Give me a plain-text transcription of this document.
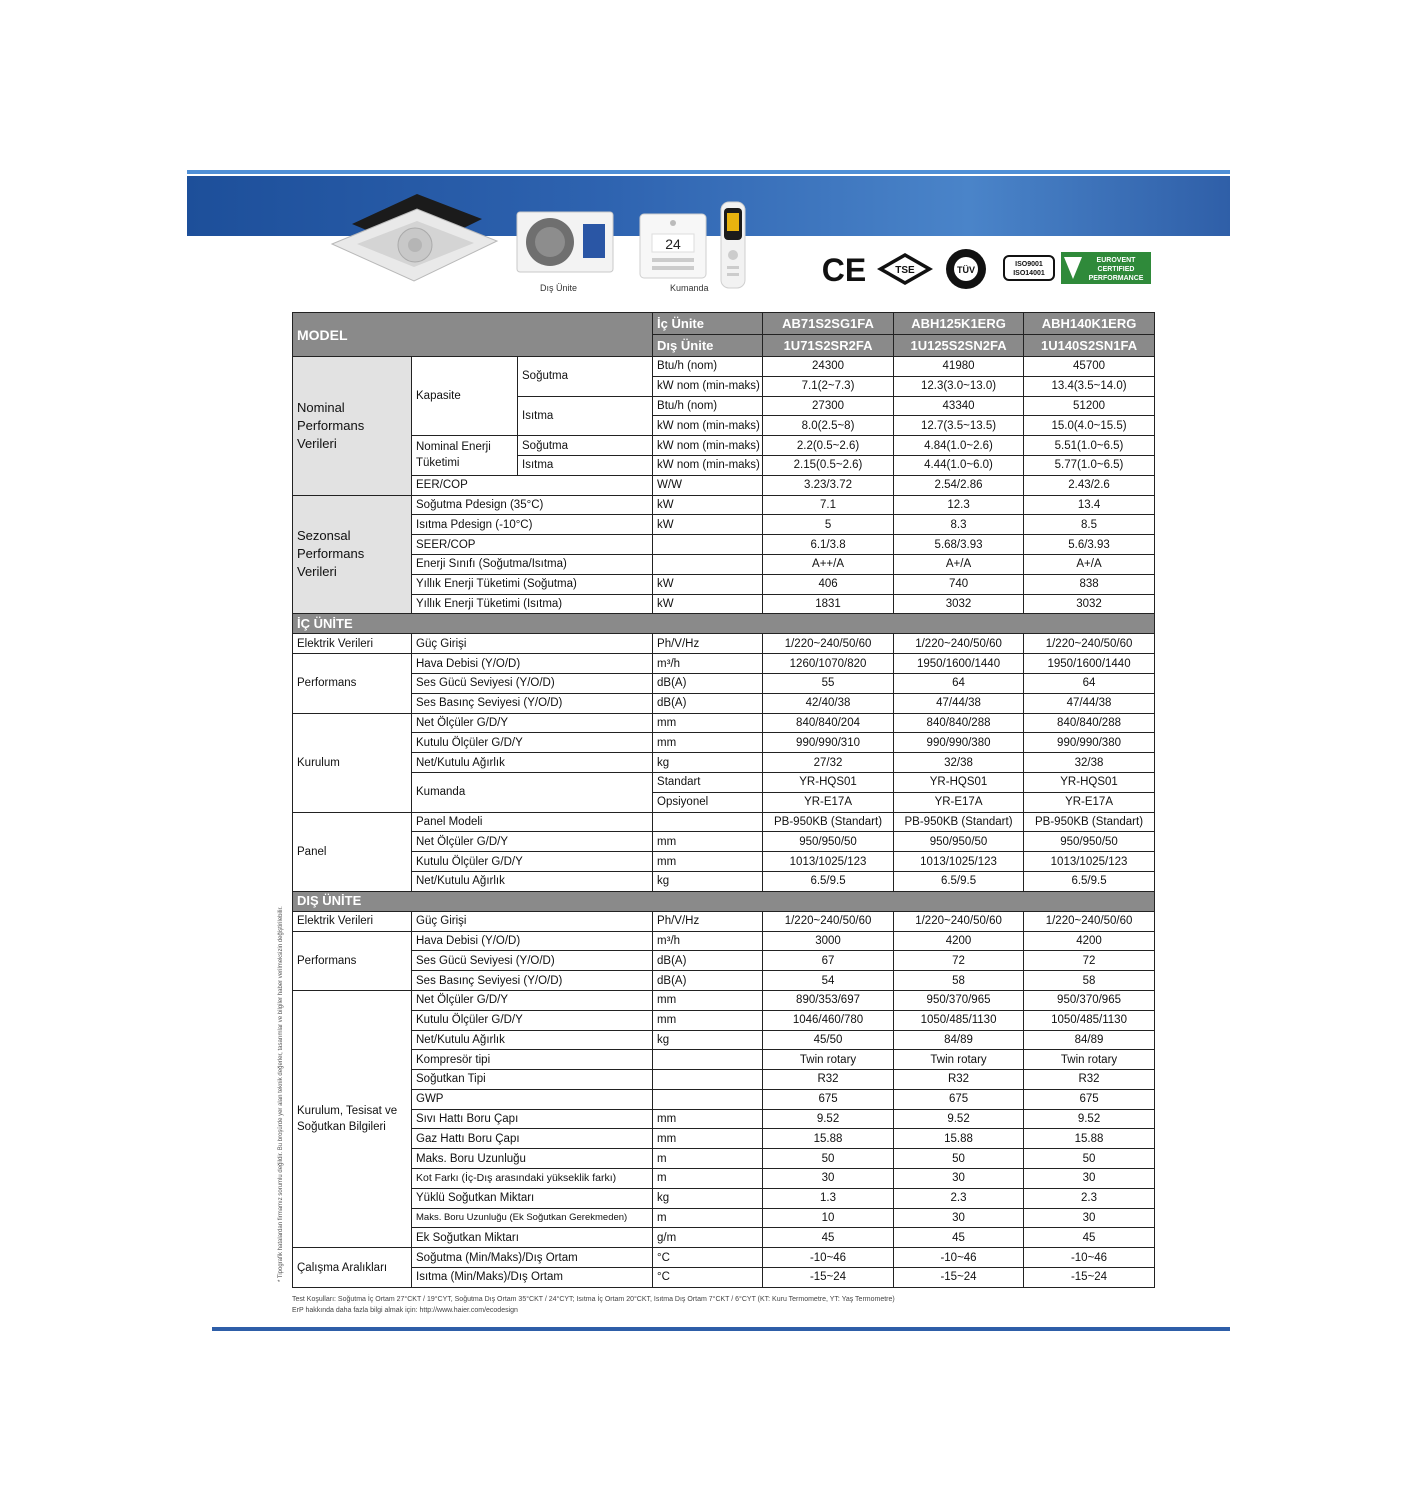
Dış Ünite
24
Kumanda	CE	TSE	TÜV
ISO9001
ISO14001
EUROVENT
CERTIFIED
PERFORMANCE
MODEL			İç Ünite	AB71S2SG1FA	ABH125K1ERG	ABH140K1ERG
			Dış Ünite	1U71S2SR2FA	1U125S2SN2FA	1U140S2SN1FA
Nominal Performans Verileri	Kapasite	Soğutma	Btu/h (nom)	24300	41980	45700
			kW nom (min-maks)	7.1(2~7.3)	12.3(3.0~13.0)	13.4(3.5~14.0)
		Isıtma	Btu/h (nom)	27300	43340	51200
			kW nom (min-maks)	8.0(2.5~8)	12.7(3.5~13.5)	15.0(4.0~15.5)
	Nominal Enerji Tüketimi	Soğutma	kW nom (min-maks)	2.2(0.5~2.6)	4.84(1.0~2.6)	5.51(1.0~6.5)
		Isıtma	kW nom (min-maks)	2.15(0.5~2.6)	4.44(1.0~6.0)	5.77(1.0~6.5)
	EER/COP		W/W	3.23/3.72	2.54/2.86	2.43/2.6
Sezonsal Performans Verileri	Soğutma Pdesign (35°C)		kW	7.1	12.3	13.4
	Isıtma Pdesign (-10°C)		kW	5	8.3	8.5
	SEER/COP			6.1/3.8	5.68/3.93	5.6/3.93
	Enerji Sınıfı (Soğutma/Isıtma)			A++/A	A+/A	A+/A
	Yıllık Enerji Tüketimi (Soğutma)		kW	406	740	838
	Yıllık Enerji Tüketimi (Isıtma)		kW	1831	3032	3032
İÇ ÜNİTE						
Elektrik Verileri	Güç Girişi		Ph/V/Hz	1/220~240/50/60	1/220~240/50/60	1/220~240/50/60
Performans	Hava Debisi (Y/O/D)		m³/h	1260/1070/820	1950/1600/1440	1950/1600/1440
	Ses Gücü Seviyesi (Y/O/D)		dB(A)	55	64	64
	Ses Basınç Seviyesi (Y/O/D)		dB(A)	42/40/38	47/44/38	47/44/38
Kurulum	Net Ölçüler G/D/Y		mm	840/840/204	840/840/288	840/840/288
	Kutulu Ölçüler G/D/Y		mm	990/990/310	990/990/380	990/990/380
	Net/Kutulu Ağırlık		kg	27/32	32/38	32/38
	Kumanda		Standart	YR-HQS01	YR-HQS01	YR-HQS01
			Opsiyonel	YR-E17A	YR-E17A	YR-E17A
Panel	Panel Modeli			PB-950KB (Standart)	PB-950KB (Standart)	PB-950KB (Standart)
	Net Ölçüler G/D/Y		mm	950/950/50	950/950/50	950/950/50
	Kutulu Ölçüler G/D/Y		mm	1013/1025/123	1013/1025/123	1013/1025/123
	Net/Kutulu Ağırlık		kg	6.5/9.5	6.5/9.5	6.5/9.5
DIŞ ÜNİTE						
Elektrik Verileri	Güç Girişi		Ph/V/Hz	1/220~240/50/60	1/220~240/50/60	1/220~240/50/60
Performans	Hava Debisi (Y/O/D)		m³/h	3000	4200	4200
	Ses Gücü Seviyesi (Y/O/D)		dB(A)	67	72	72
	Ses Basınç Seviyesi (Y/O/D)		dB(A)	54	58	58
Kurulum, Tesisat ve Soğutkan Bilgileri	Net Ölçüler G/D/Y		mm	890/353/697	950/370/965	950/370/965
	Kutulu Ölçüler G/D/Y		mm	1046/460/780	1050/485/1130	1050/485/1130
	Net/Kutulu Ağırlık		kg	45/50	84/89	84/89
	Kompresör tipi			Twin rotary	Twin rotary	Twin rotary
	Soğutkan Tipi			R32	R32	R32
	GWP			675	675	675
	Sıvı Hattı Boru Çapı		mm	9.52	9.52	9.52
	Gaz Hattı Boru Çapı		mm	15.88	15.88	15.88
	Maks. Boru Uzunluğu		m	50	50	50
	Kot Farkı (İç-Dış arasındaki yükseklik farkı)		m	30	30	30
	Yüklü Soğutkan Miktarı		kg	1.3	2.3	2.3
	Maks. Boru Uzunluğu (Ek Soğutkan Gerekmeden)		m	10	30	30
	Ek Soğutkan Miktarı		g/m	45	45	45
Çalışma Aralıkları	Soğutma (Min/Maks)/Dış Ortam		°C	-10~46	-10~46	-10~46
	Isıtma (Min/Maks)/Dış Ortam		°C	-15~24	-15~24	-15~24
* Tipografik hatalardan firmamız sorumlu değildir. Bu broşürde yer alan teknik değerler, tasarımlar ve bilgiler haber verilmeksizin değiştirilebilir.
Test Koşulları: Soğutma İç Ortam 27°CKT / 19°CYT, Soğutma Dış Ortam 35°CKT / 24°CYT; Isıtma İç Ortam 20°CKT, Isıtma Dış Ortam 7°CKT / 6°CYT (KT: Kuru Termometre, YT: Yaş Termometre)
ErP hakkında daha fazla bilgi almak için: http://www.haier.com/ecodesign
